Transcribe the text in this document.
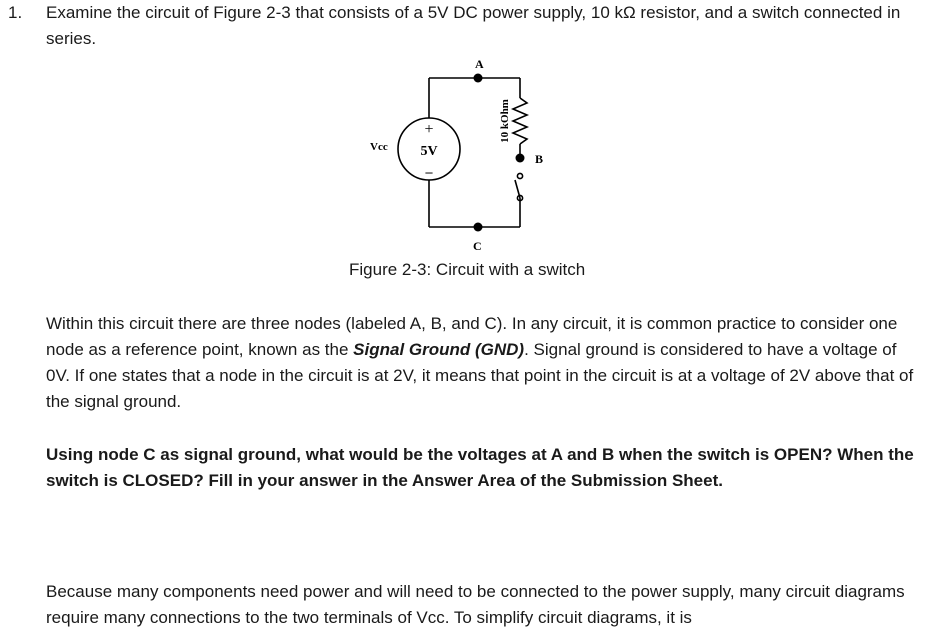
1. Examine the circuit of Figure 2-3 that consists of a 5V DC power supply, 10 kΩ resistor, and a switch connected in series.

A
B
C
Vcc 5V
+
–
10 kOhm
Figure 2-3: Circuit with a switch

Within this circuit there are three nodes (labeled A, B, and C). In any circuit, it is common practice to consider one node as a reference point, known as the Signal Ground (GND). Signal ground is considered to have a voltage of 0V. If one states that a node in the circuit is at 2V, it means that point in the circuit is at a voltage of 2V above that of the signal ground.

Using node C as signal ground, what would be the voltages at A and B when the switch is OPEN? When the switch is CLOSED? Fill in your answer in the Answer Area of the Submission Sheet.

Because many components need power and will need to be connected to the power supply, many circuit diagrams require many connections to the two terminals of Vcc. To simplify circuit diagrams, it is
